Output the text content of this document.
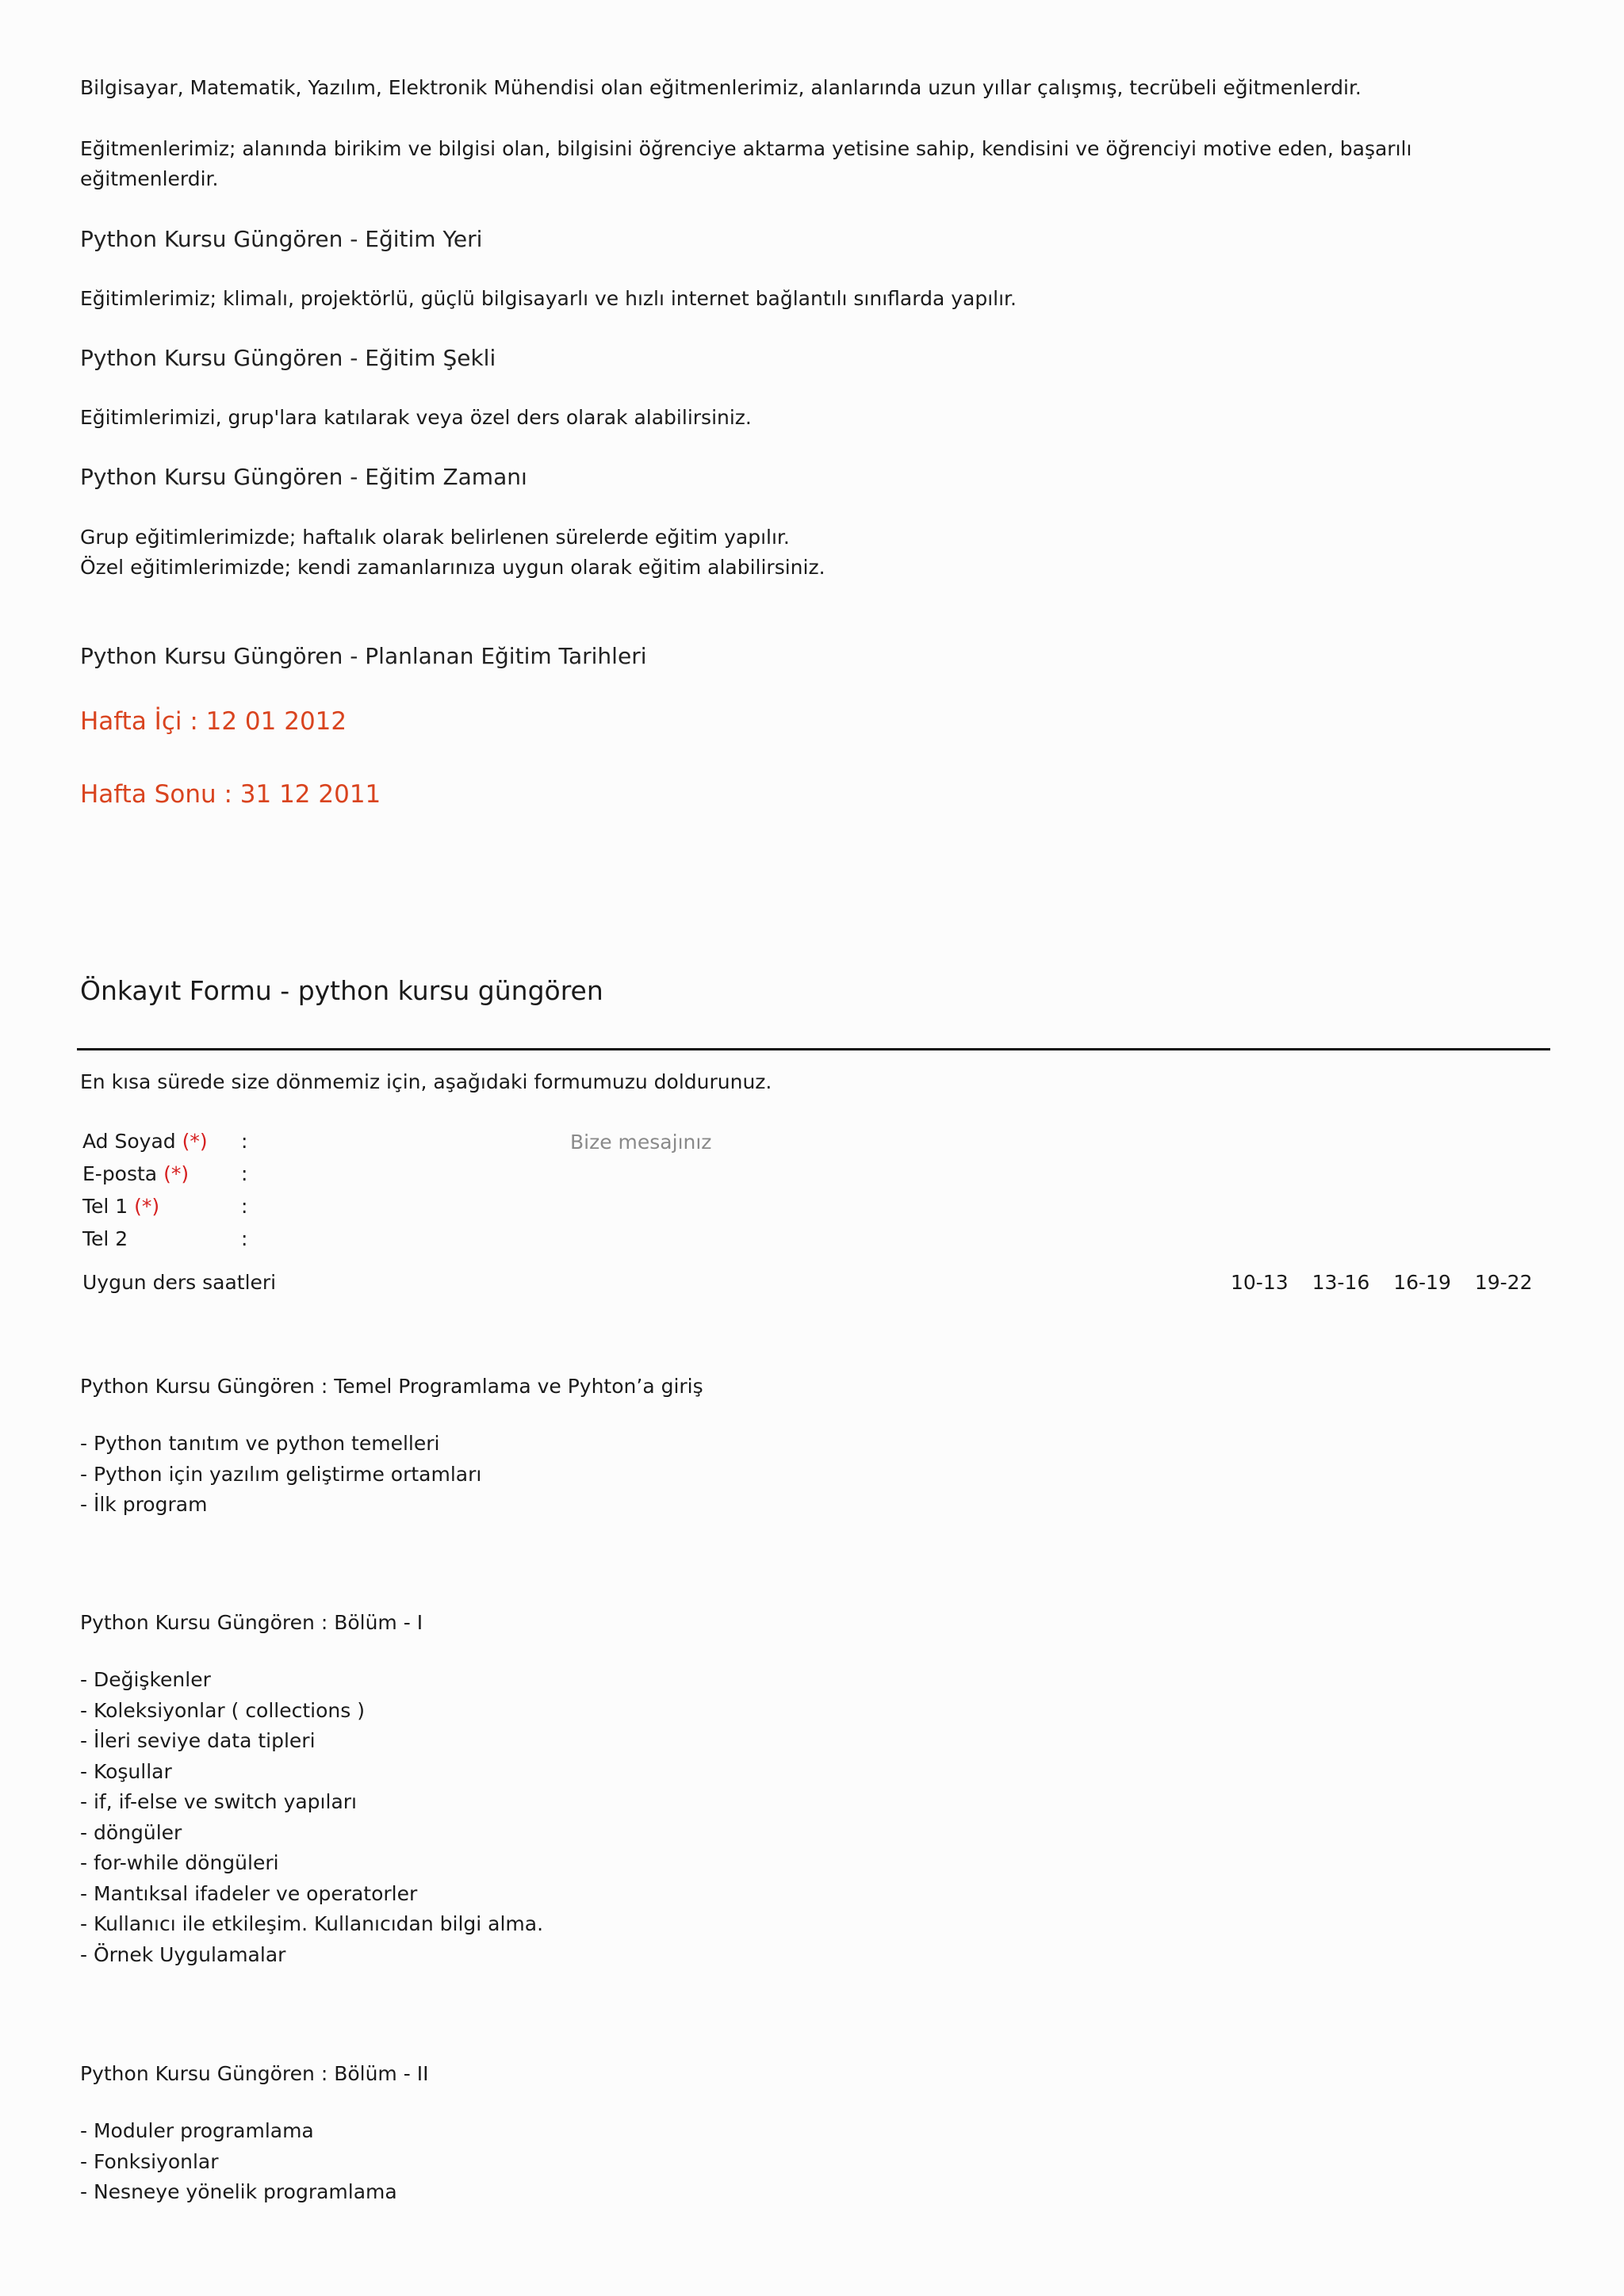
Bilgisayar, Matematik, Yazılım, Elektronik Mühendisi olan eğitmenlerimiz, alanlarında uzun yıllar çalışmış, tecrübeli eğitmenlerdir.
Eğitmenlerimiz; alanında birikim ve bilgisi olan, bilgisini öğrenciye aktarma yetisine sahip, kendisini ve öğrenciyi motive eden, başarılı
eğitmenlerdir.
Python Kursu Güngören - Eğitim Yeri
Eğitimlerimiz; klimalı, projektörlü, güçlü bilgisayarlı ve hızlı internet bağlantılı sınıflarda yapılır.
Python Kursu Güngören - Eğitim Şekli
Eğitimlerimizi, grup'lara katılarak veya özel ders olarak alabilirsiniz.
Python Kursu Güngören - Eğitim Zamanı
Grup eğitimlerimizde; haftalık olarak belirlenen sürelerde eğitim yapılır.
Özel eğitimlerimizde; kendi zamanlarınıza uygun olarak eğitim alabilirsiniz.
Python Kursu Güngören - Planlanan Eğitim Tarihleri
Hafta İçi : 12 01 2012
Hafta Sonu : 31 12 2011
Önkayıt Formu - python kursu güngören
En kısa sürede size dönmemiz için, aşağıdaki formumuzu doldurunuz.
Ad Soyad (*) :
E-posta (*)	:
Tel 1 (*)	:
Tel 2	:
Bize mesajınız
Uygun ders saatleri	10-13 13-16 16-19 19-22
Python Kursu Güngören : Temel Programlama ve Pyhton’a giriş
- Python tanıtım ve python temelleri
- Python için yazılım geliştirme ortamları
- İlk program
Python Kursu Güngören : Bölüm - I
- Değişkenler
- Koleksiyonlar ( collections )
- İleri seviye data tipleri
- Koşullar
- if, if-else ve switch yapıları
- döngüler
- for-while döngüleri
- Mantıksal ifadeler ve operatorler
- Kullanıcı ile etkileşim. Kullanıcıdan bilgi alma.
- Örnek Uygulamalar
Python Kursu Güngören : Bölüm - II
- Moduler programlama
- Fonksiyonlar
- Nesneye yönelik programlama
